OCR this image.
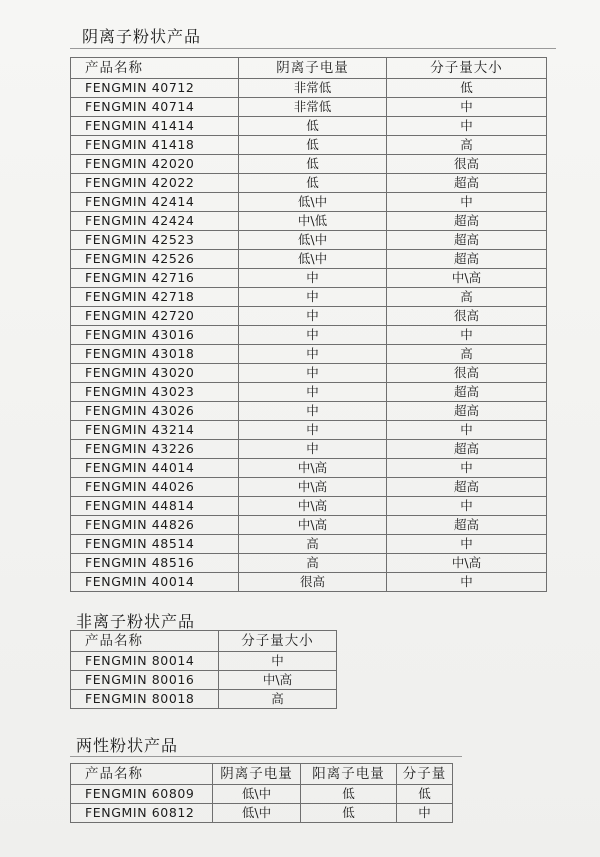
阴离子粉状产品
产品名称	阴离子电量	分子量大小
FENGMIN 40712	非常低	低
FENGMIN 40714	非常低	中
FENGMIN 41414	低	中
FENGMIN 41418	低	高
FENGMIN 42020	低	很高
FENGMIN 42022	低	超高
FENGMIN 42414	低\中	中
FENGMIN 42424	中\低	超高
FENGMIN 42523	低\中	超高
FENGMIN 42526	低\中	超高
FENGMIN 42716	中	中\高
FENGMIN 42718	中	高
FENGMIN 42720	中	很高
FENGMIN 43016	中	中
FENGMIN 43018	中	高
FENGMIN 43020	中	很高
FENGMIN 43023	中	超高
FENGMIN 43026	中	超高
FENGMIN 43214	中	中
FENGMIN 43226	中	超高
FENGMIN 44014	中\高	中
FENGMIN 44026	中\高	超高
FENGMIN 44814	中\高	中
FENGMIN 44826	中\高	超高
FENGMIN 48514	高	中
FENGMIN 48516	高	中\高
FENGMIN 40014	很高	中
非离子粉状产品
产品名称	分子量大小
FENGMIN 80014	中
FENGMIN 80016	中\高
FENGMIN 80018	高
两性粉状产品
产品名称	阴离子电量	阳离子电量	分子量
FENGMIN 60809	低\中	低	低
FENGMIN 60812	低\中	低	中
